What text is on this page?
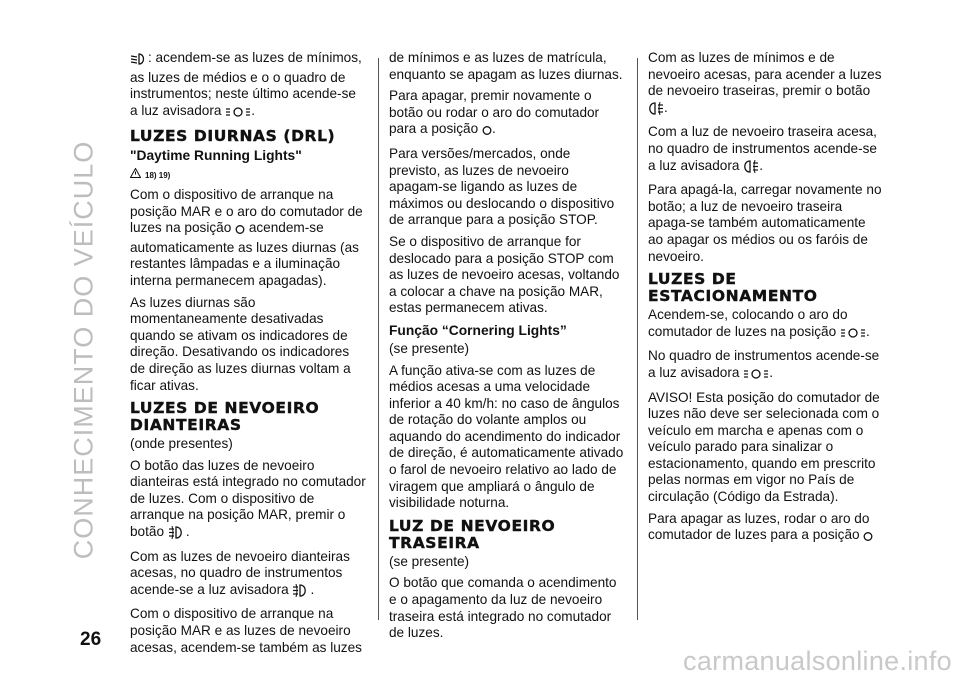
CONHECIMENTO DO VEÍCULO

: acendem-se as luzes de mínimos, as luzes de médios e o o quadro de instrumentos; neste último acende-se a luz avisadora .

LUZES DIURNAS (DRL)
"Daytime Running Lights"
18) 19)

Com o dispositivo de arranque na posição MAR e o aro do comutador de luzes na posição acendem-se automaticamente as luzes diurnas (as restantes lâmpadas e a iluminação interna permanecem apagadas).

As luzes diurnas são momentaneamente desativadas quando se ativam os indicadores de direção. Desativando os indicadores de direção as luzes diurnas voltam a ficar ativas.

LUZES DE NEVOEIRO DIANTEIRAS

(onde presentes)

O botão das luzes de nevoeiro dianteiras está integrado no comutador de luzes. Com o dispositivo de arranque na posição MAR, premir o botão .

Com as luzes de nevoeiro dianteiras acesas, no quadro de instrumentos acende-se a luz avisadora .

Com o dispositivo de arranque na posição MAR e as luzes de nevoeiro acesas, acendem-se também as luzes

de mínimos e as luzes de matrícula, enquanto se apagam as luzes diurnas.

Para apagar, premir novamente o botão ou rodar o aro do comutador para a posição .

Para versões/mercados, onde previsto, as luzes de nevoeiro apagam-se ligando as luzes de máximos ou deslocando o dispositivo de arranque para a posição STOP.

Se o dispositivo de arranque for deslocado para a posição STOP com as luzes de nevoeiro acesas, voltando a colocar a chave na posição MAR, estas permanecem ativas.

Função “Cornering Lights”

(se presente)

A função ativa-se com as luzes de médios acesas a uma velocidade inferior a 40 km/h: no caso de ângulos de rotação do volante amplos ou aquando do acendimento do indicador de direção, é automaticamente ativado o farol de nevoeiro relativo ao lado de viragem que ampliará o ângulo de visibilidade noturna.

LUZ DE NEVOEIRO TRASEIRA

(se presente)

O botão que comanda o acendimento e o apagamento da luz de nevoeiro traseira está integrado no comutador de luzes.

Com as luzes de mínimos e de nevoeiro acesas, para acender a luzes de nevoeiro traseiras, premir o botão .

Com a luz de nevoeiro traseira acesa, no quadro de instrumentos acende-se a luz avisadora .

Para apagá-la, carregar novamente no botão; a luz de nevoeiro traseira apaga-se também automaticamente ao apagar os médios ou os faróis de nevoeiro.

LUZES DE ESTACIONAMENTO

Acendem-se, colocando o aro do comutador de luzes na posição .

No quadro de instrumentos acende-se a luz avisadora .

AVISO! Esta posição do comutador de luzes não deve ser selecionada com o veículo em marcha e apenas com o veículo parado para sinalizar o estacionamento, quando em prescrito pelas normas em vigor no País de circulação (Código da Estrada).

Para apagar as luzes, rodar o aro do comutador de luzes para a posição

26
carmanualsonline.info
